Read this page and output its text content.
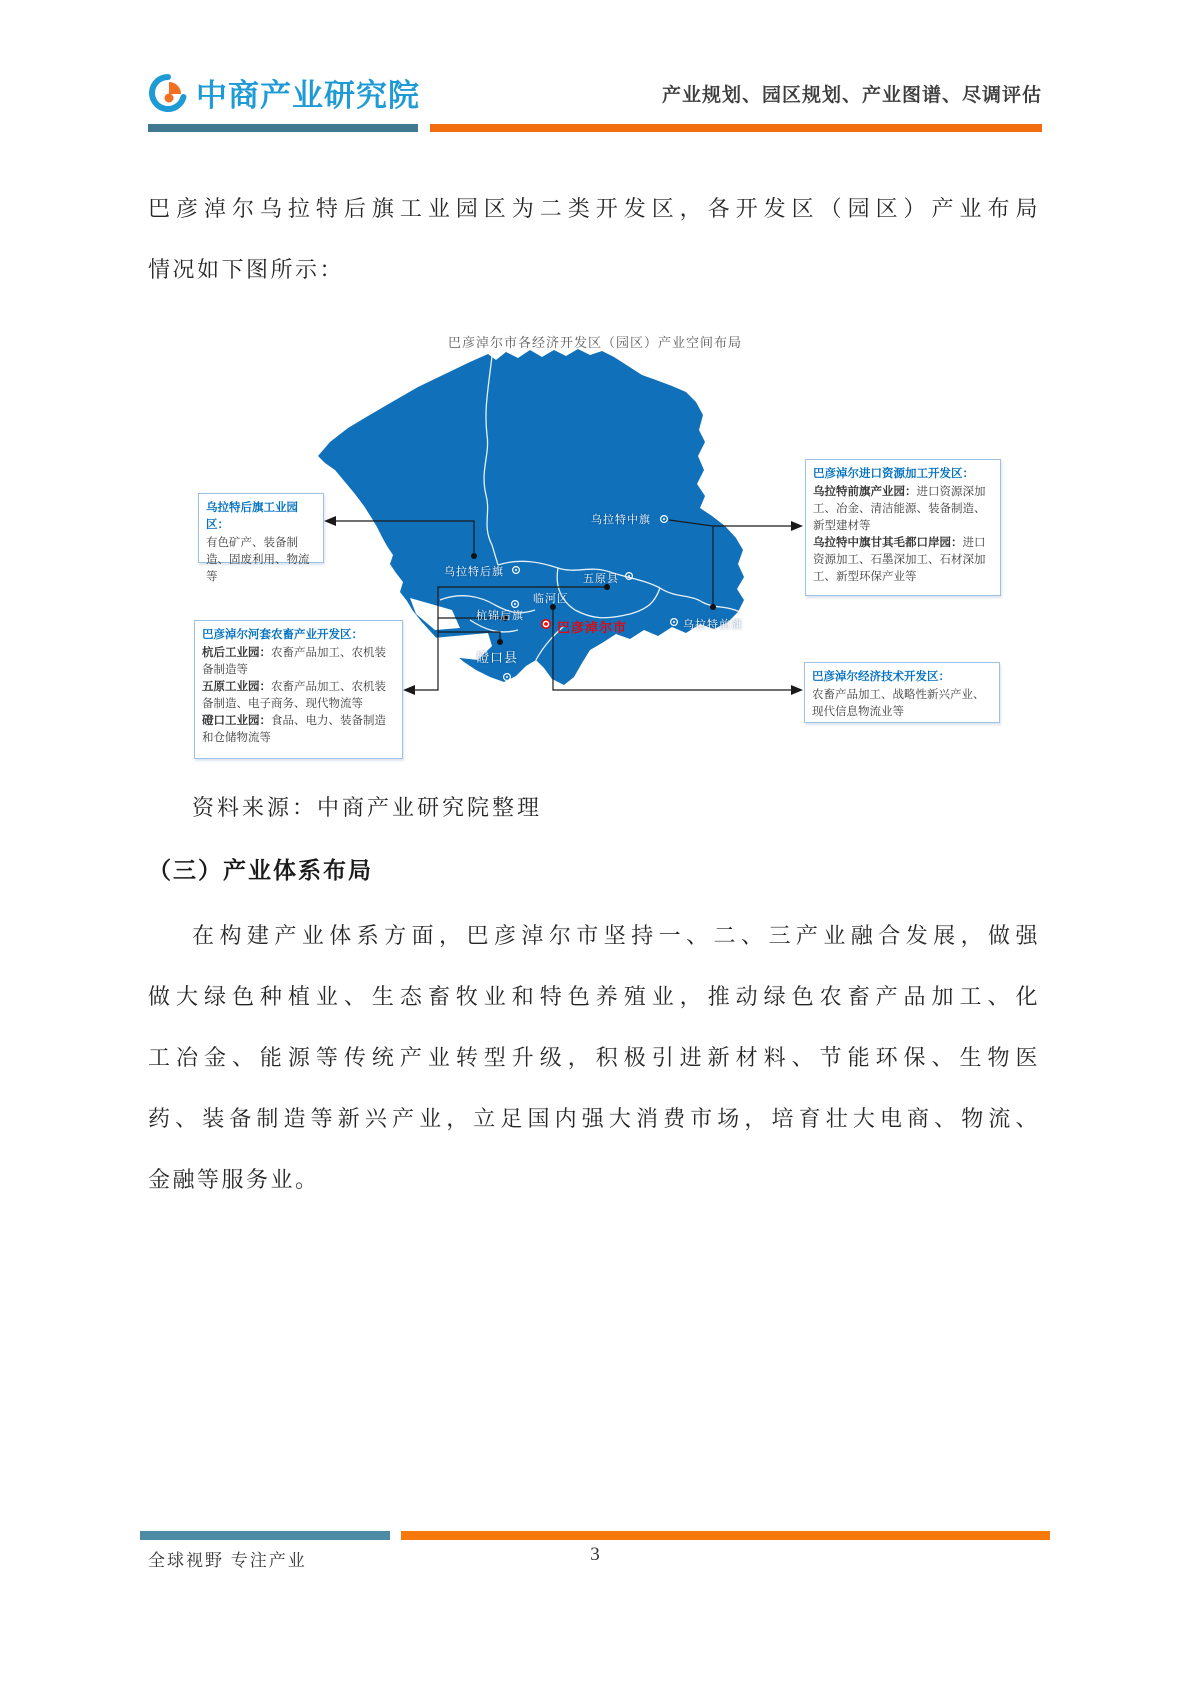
中商产业研究院	产业规划、园区规划、产业图谱、尽调评估
巴彦淖尔乌拉特后旗工业园区为二类开发区，各开发区（园区）产业布局
情况如下图所示：
巴彦淖尔市各经济开发区（园区）产业空间布局
乌拉特中旗
乌拉特后旗
五原县
临河区
杭锦后旗
磴口县
乌拉特前旗
巴彦淖尔市
乌拉特后旗工业园区：
有色矿产、装备制造、固废利用、物流等
巴彦淖尔河套农畜产业开发区：
杭后工业园：农畜产品加工、农机装备制造等
五原工业园：农畜产品加工、农机装备制造、电子商务、现代物流等
磴口工业园：食品、电力、装备制造和仓储物流等
巴彦淖尔进口资源加工开发区：
乌拉特前旗产业园：进口资源深加工、冶金、清洁能源、装备制造、新型建材等
乌拉特中旗甘其毛都口岸园：进口资源加工、石墨深加工、石材深加工、新型环保产业等
巴彦淖尔经济技术开发区：
农畜产品加工、战略性新兴产业、现代信息物流业等
资料来源：中商产业研究院整理
（三）产业体系布局
在构建产业体系方面，巴彦淖尔市坚持一、二、三产业融合发展，做强
做大绿色种植业、生态畜牧业和特色养殖业，推动绿色农畜产品加工、化
工冶金、能源等传统产业转型升级，积极引进新材料、节能环保、生物医
药、装备制造等新兴产业，立足国内强大消费市场，培育壮大电商、物流、
金融等服务业。
全球视野 专注产业	3
